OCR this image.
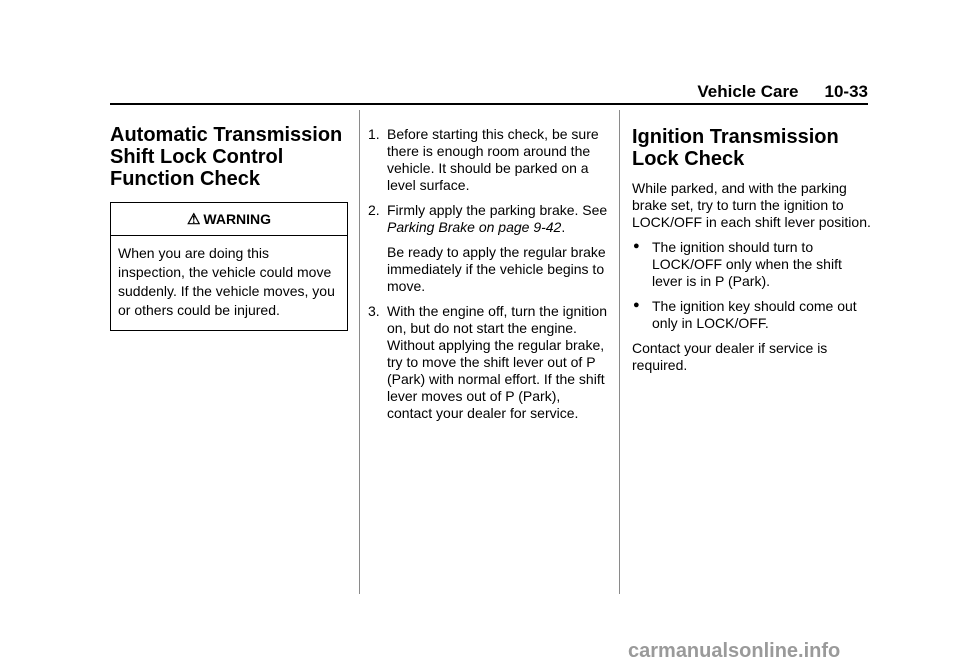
Vehicle Care 10-33
Automatic Transmission Shift Lock Control Function Check
⚠ WARNING
When you are doing this inspection, the vehicle could move suddenly. If the vehicle moves, you or others could be injured.
1. Before starting this check, be sure there is enough room around the vehicle. It should be parked on a level surface.
2. Firmly apply the parking brake. See Parking Brake on page 9-42.
Be ready to apply the regular brake immediately if the vehicle begins to move.
3. With the engine off, turn the ignition on, but do not start the engine. Without applying the regular brake, try to move the shift lever out of P (Park) with normal effort. If the shift lever moves out of P (Park), contact your dealer for service.
Ignition Transmission Lock Check

While parked, and with the parking brake set, try to turn the ignition to LOCK/OFF in each shift lever position.

● The ignition should turn to LOCK/OFF only when the shift lever is in P (Park).
● The ignition key should come out only in LOCK/OFF.

Contact your dealer if service is required.

carmanualsonline.info
